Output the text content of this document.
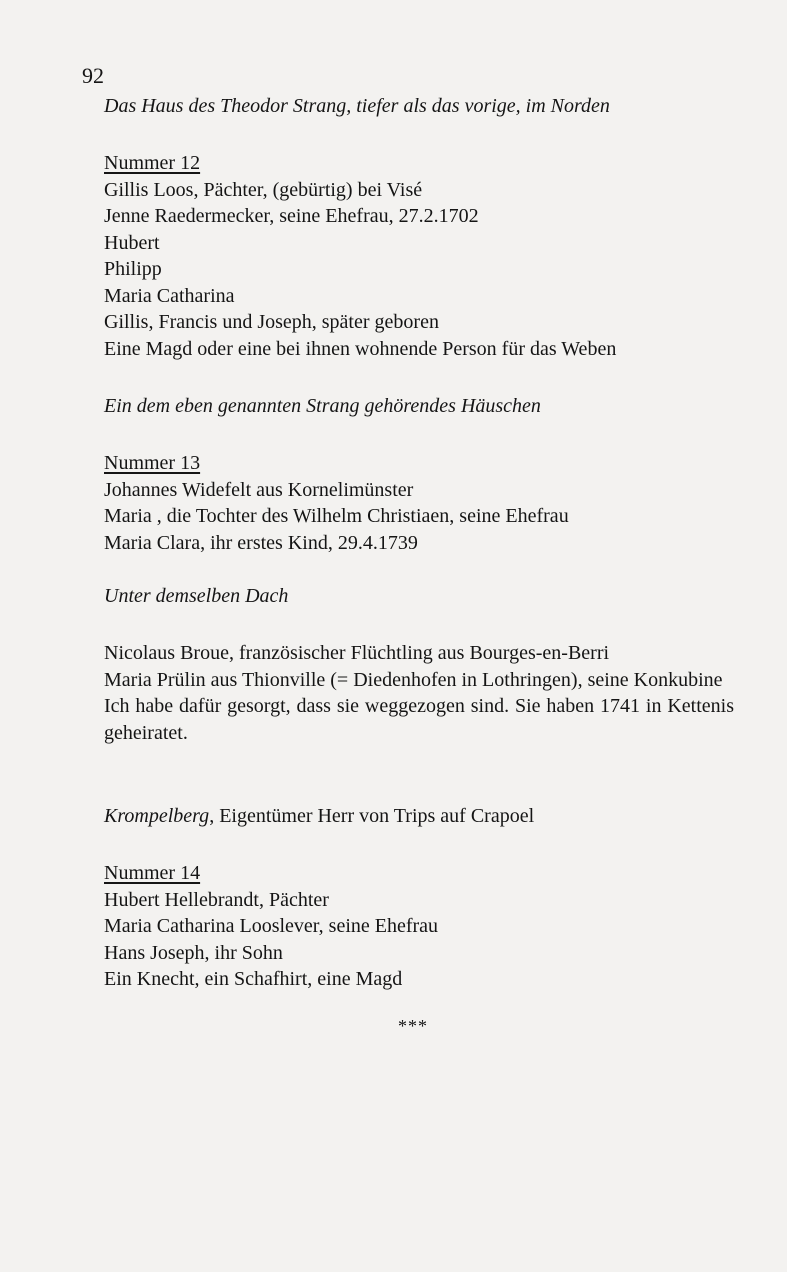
92
Das Haus des Theodor Strang, tiefer als das vorige, im Norden
Nummer 12
Gillis Loos, Pächter, (gebürtig) bei Visé
Jenne Raedermecker, seine Ehefrau, 27.2.1702
Hubert
Philipp
Maria Catharina
Gillis, Francis und Joseph, später geboren
Eine Magd oder eine bei ihnen wohnende Person für das Weben
Ein dem eben genannten Strang gehörendes Häuschen
Nummer 13
Johannes Widefelt aus Kornelimünster
Maria , die Tochter des Wilhelm Christiaen, seine Ehefrau
Maria Clara, ihr erstes Kind, 29.4.1739
Unter demselben Dach
Nicolaus Broue, französischer Flüchtling aus Bourges-en-Berri
Maria Prülin aus Thionville (= Diedenhofen in Lothringen), seine Konkubine
Ich habe dafür gesorgt, dass sie weggezogen sind. Sie haben 1741 in Kettenis geheiratet.
Krompelberg, Eigentümer Herr von Trips auf Crapoel
Nummer 14
Hubert Hellebrandt, Pächter
Maria Catharina Looslever, seine Ehefrau
Hans Joseph, ihr Sohn
Ein Knecht, ein Schafhirt, eine Magd
***
